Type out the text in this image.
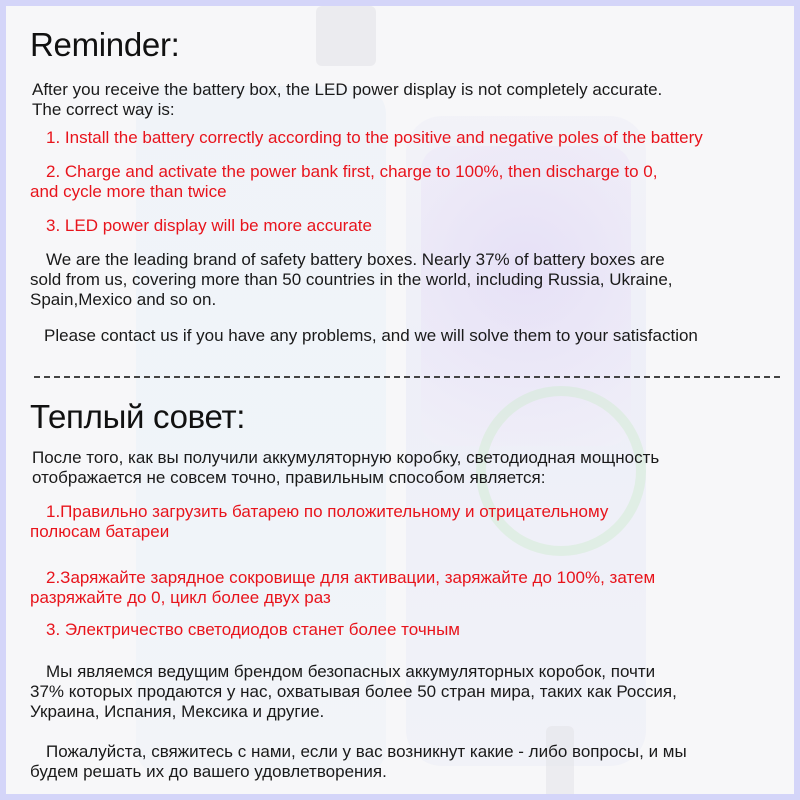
Reminder:

After you receive the battery box, the LED power display is not completely accurate.
The correct way is:

1. Install the battery correctly according to the positive and negative poles of the battery

2. Charge and activate the power bank first, charge to 100%, then discharge to 0,
and cycle more than twice

3. LED power display will be more accurate

We are the leading brand of safety battery boxes. Nearly 37% of battery boxes are
sold from us, covering more than 50 countries in the world, including Russia, Ukraine,
Spain,Mexico and so on.

Please contact us if you have any problems, and we will solve them to your satisfaction

Теплый совет:

После того, как вы получили аккумуляторную коробку, светодиодная мощность
отображается не совсем точно, правильным способом является:

1.Правильно загрузить батарею по положительному и отрицательному
полюсам батареи

2.Заряжайте зарядное сокровище для активации, заряжайте до 100%, затем
разряжайте до 0, цикл более двух раз

3. Электричество светодиодов станет более точным

Мы являемся ведущим брендом безопасных аккумуляторных коробок, почти
37% которых продаются у нас, охватывая более 50 стран мира, таких как Россия,
Украина, Испания, Мексика и другие.

Пожалуйста, свяжитесь с нами, если у вас возникнут какие - либо вопросы, и мы
будем решать их до вашего удовлетворения.
